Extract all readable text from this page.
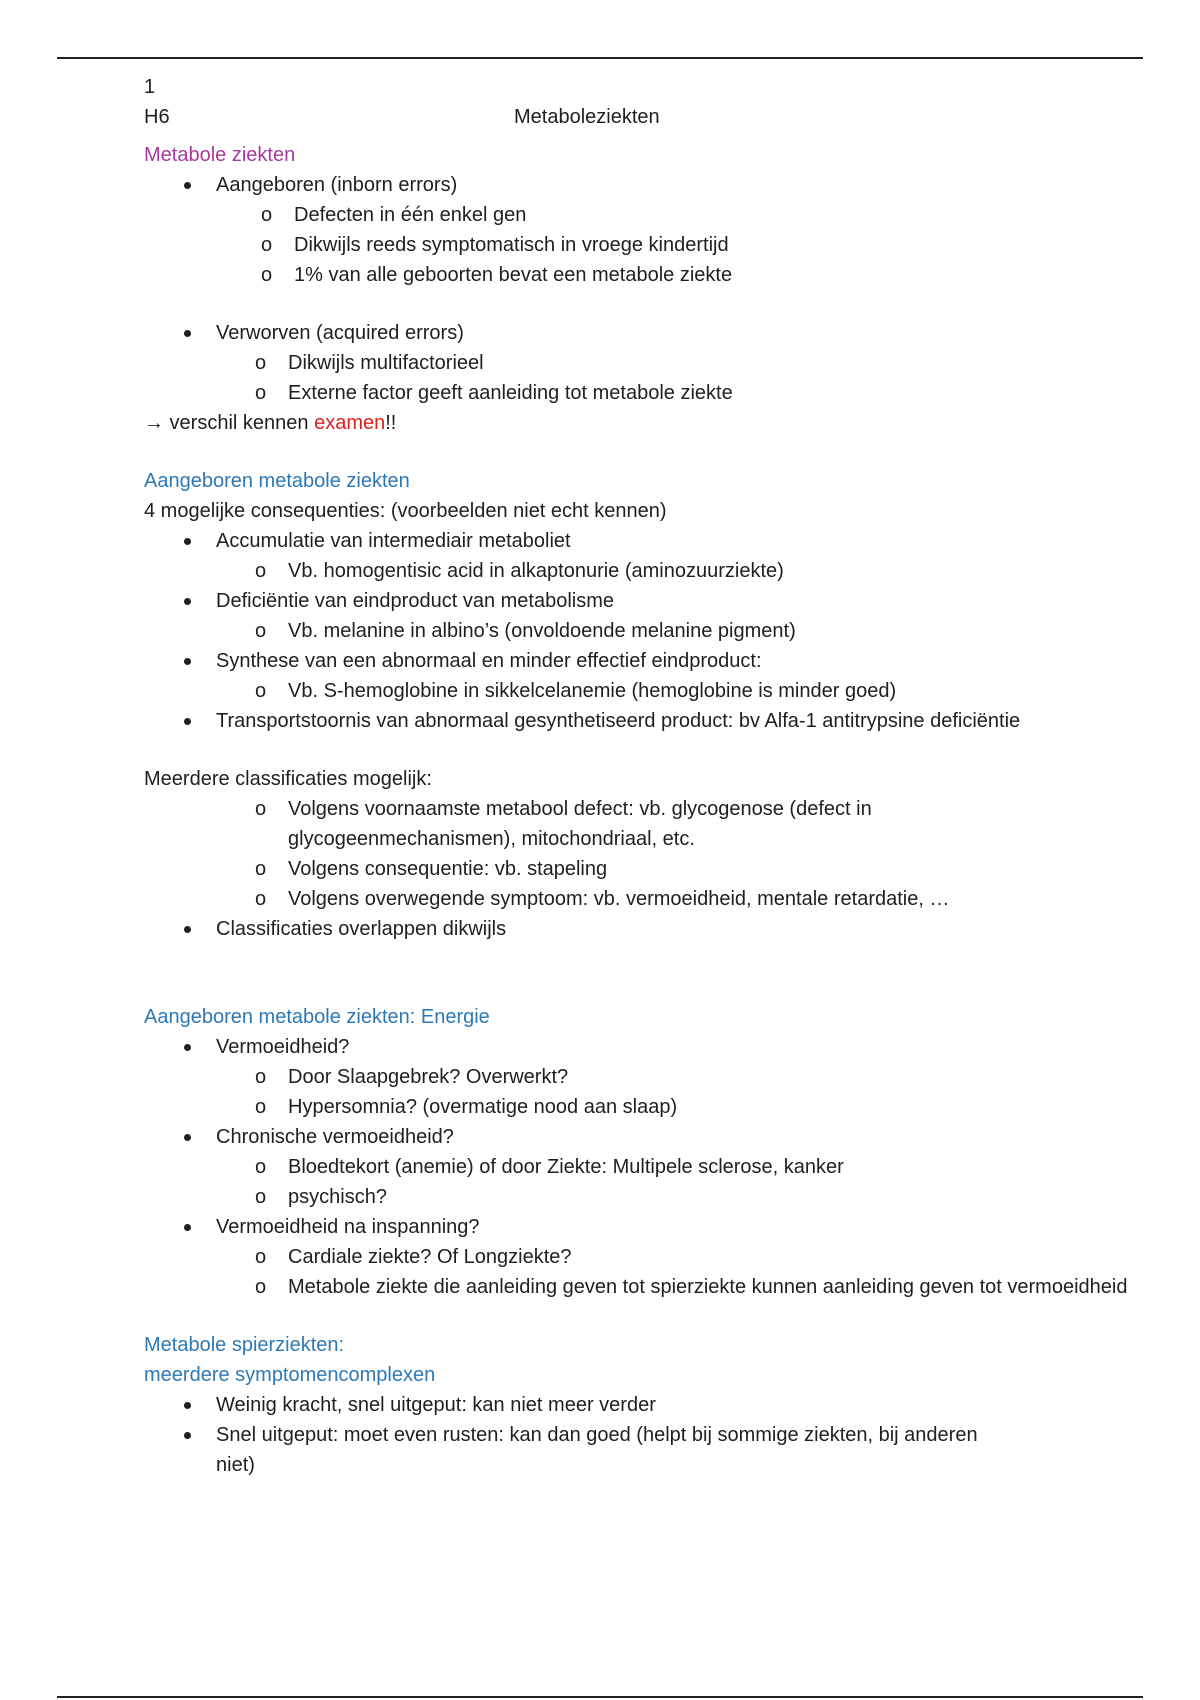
1

H6	Metaboleziekten

Metabole ziekten

Aangeboren (inborn errors)
o Defecten in één enkel gen
o Dikwijls reeds symptomatisch in vroege kindertijd
o 1% van alle geboorten bevat een metabole ziekte
Verworven (acquired errors)
o Dikwijls multifactorieel
o Externe factor geeft aanleiding tot metabole ziekte

→ verschil kennen examen!!

Aangeboren metabole ziekten

4 mogelijke consequenties: (voorbeelden niet echt kennen)

Accumulatie van intermediair metaboliet
o Vb. homogentisic acid in alkaptonurie (aminozuurziekte)
Deficiëntie van eindproduct van metabolisme
o Vb. melanine in albino’s (onvoldoende melanine pigment)
Synthese van een abnormaal en minder effectief eindproduct:
o Vb. S-hemoglobine in sikkelcelanemie (hemoglobine is minder goed)
Transportstoornis van abnormaal gesynthetiseerd product: bv Alfa-1 antitrypsine deficiëntie

Meerdere classificaties mogelijk:

o Volgens voornaamste metabool defect: vb. glycogenose (defect in glycogeenmechanismen), mitochondriaal, etc.
o Volgens consequentie: vb. stapeling
o Volgens overwegende symptoom: vb. vermoeidheid, mentale retardatie, …
Classificaties overlappen dikwijls

Aangeboren metabole ziekten: Energie

Vermoeidheid?
o Door Slaapgebrek? Overwerkt?
o Hypersomnia? (overmatige nood aan slaap)
Chronische vermoeidheid?
o Bloedtekort (anemie) of door Ziekte: Multipele sclerose, kanker
o psychisch?
Vermoeidheid na inspanning?
o Cardiale ziekte? Of Longziekte?
o Metabole ziekte die aanleiding geven tot spierziekte kunnen aanleiding geven tot vermoeidheid

Metabole spierziekten:

meerdere symptomencomplexen

Weinig kracht, snel uitgeput: kan niet meer verder
Snel uitgeput: moet even rusten: kan dan goed (helpt bij sommige ziekten, bij anderen niet)
